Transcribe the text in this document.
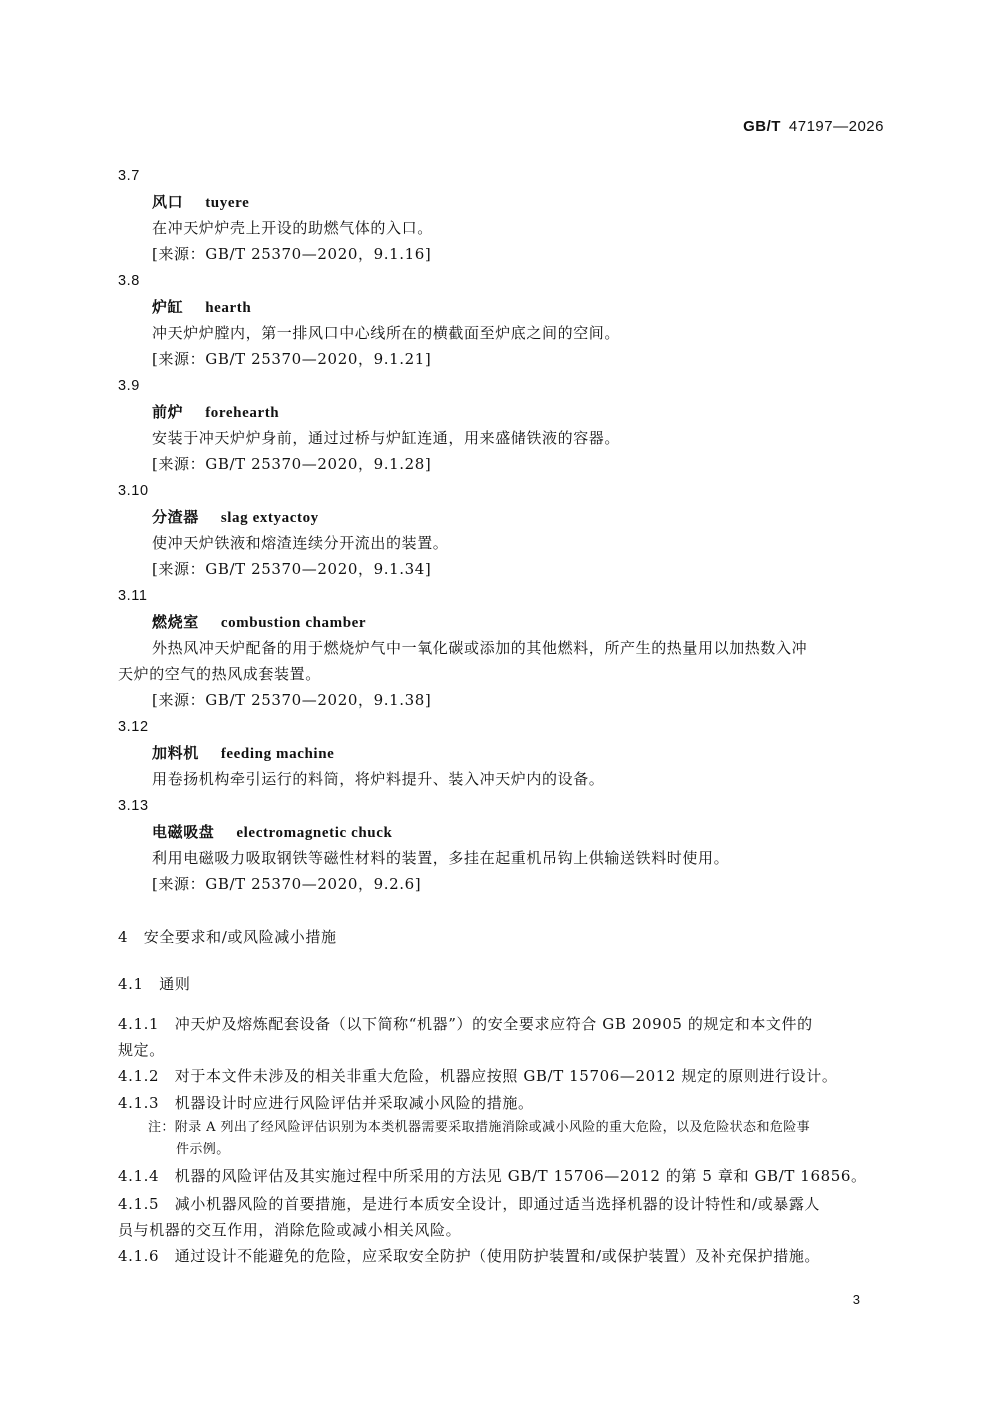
GB/T 47197—2026
3.7
风口 tuyere
在冲天炉炉壳上开设的助燃气体的入口。
[来源：GB/T 25370—2020，9.1.16]
3.8
炉缸 hearth
冲天炉炉膛内，第一排风口中心线所在的横截面至炉底之间的空间。
[来源：GB/T 25370—2020，9.1.21]
3.9
前炉 forehearth
安装于冲天炉炉身前，通过过桥与炉缸连通，用来盛储铁液的容器。
[来源：GB/T 25370—2020，9.1.28]
3.10
分渣器 slag extyactoy
使冲天炉铁液和熔渣连续分开流出的装置。
[来源：GB/T 25370—2020，9.1.34]
3.11
燃烧室 combustion chamber
外热风冲天炉配备的用于燃烧炉气中一氧化碳或添加的其他燃料，所产生的热量用以加热数入冲
天炉的空气的热风成套装置。
[来源：GB/T 25370—2020，9.1.38]
3.12
加料机 feeding machine
用卷扬机构牵引运行的料筒，将炉料提升、装入冲天炉内的设备。
3.13
电磁吸盘 electromagnetic chuck
利用电磁吸力吸取钢铁等磁性材料的装置，多挂在起重机吊钩上供输送铁料时使用。
[来源：GB/T 25370—2020，9.2.6]
4　安全要求和/或风险减小措施
4.1　通则
4.1.1　冲天炉及熔炼配套设备（以下简称“机器”）的安全要求应符合 GB 20905 的规定和本文件的
规定。
4.1.2　对于本文件未涉及的相关非重大危险，机器应按照 GB/T 15706—2012 规定的原则进行设计。
4.1.3　机器设计时应进行风险评估并采取减小风险的措施。
注：附录 A 列出了经风险评估识别为本类机器需要采取措施消除或减小风险的重大危险，以及危险状态和危险事
件示例。
4.1.4　机器的风险评估及其实施过程中所采用的方法见 GB/T 15706—2012 的第 5 章和 GB/T 16856。
4.1.5　减小机器风险的首要措施，是进行本质安全设计，即通过适当选择机器的设计特性和/或暴露人
员与机器的交互作用，消除危险或减小相关风险。
4.1.6　通过设计不能避免的危险，应采取安全防护（使用防护装置和/或保护装置）及补充保护措施。
3
